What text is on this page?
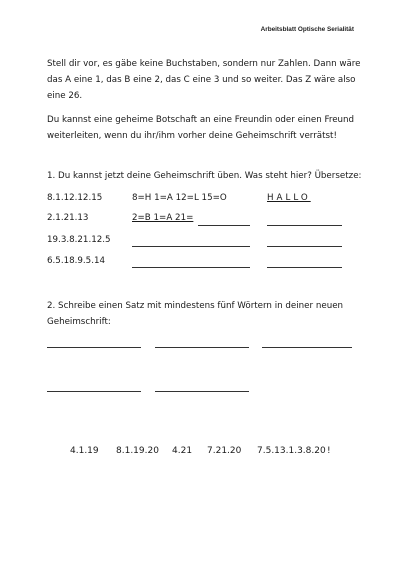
Arbeitsblatt Optische Serialität

Stell dir vor, es gäbe keine Buchstaben, sondern nur Zahlen. Dann wäre das A eine 1, das B eine 2, das C eine 3 und so weiter. Das Z wäre also eine 26.

Du kannst eine geheime Botschaft an eine Freundin oder einen Freund weiterleiten, wenn du ihr/ihm vorher deine Geheimschrift verrätst!

1. Du kannst jetzt deine Geheimschrift üben. Was steht hier? Übersetze:
8.1.12.12.15	8=H 1=A 12=L 15=O	HALLO
2.1.21.13	2=B 1=A 21=
19.3.8.21.12.5
6.5.18.9.5.14

2. Schreibe einen Satz mit mindestens fünf Wörtern in deiner neuen Geheimschrift:

4.1.19 8.1.19.20 4.21 7.21.20 7.5.13.1.3.8.20 !
